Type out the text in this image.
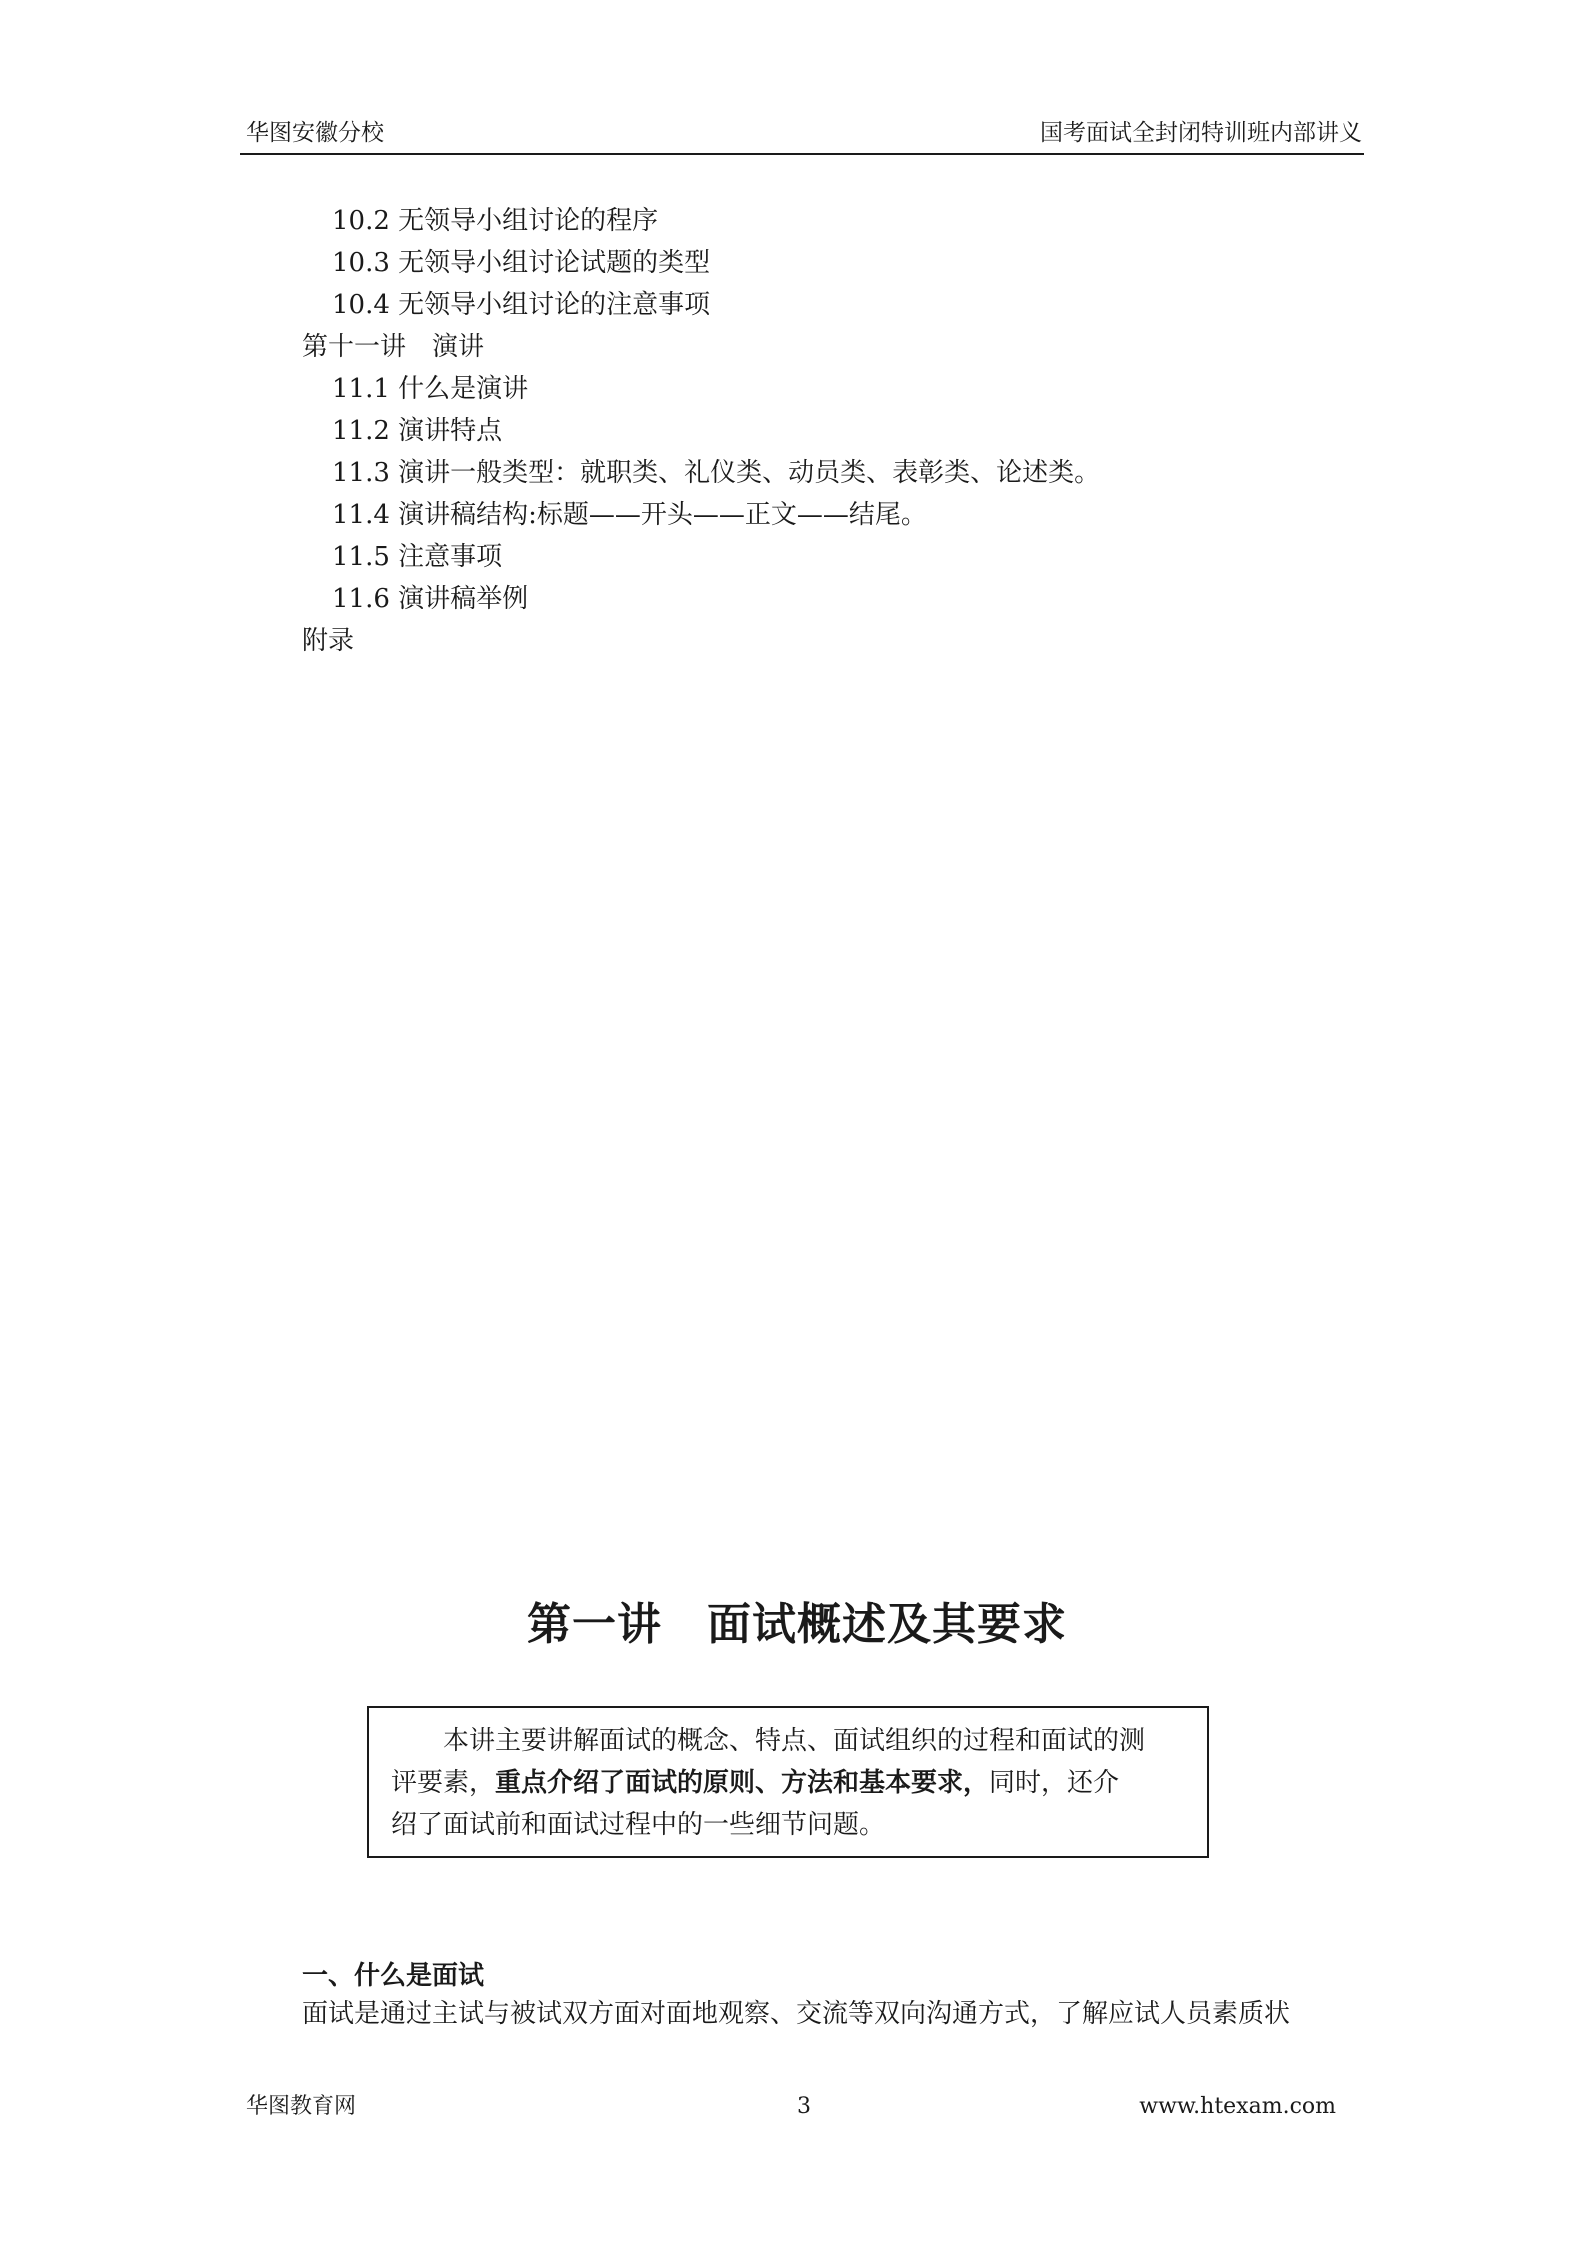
华图安徽分校	国考面试全封闭特训班内部讲义
10.2 无领导小组讨论的程序
10.3 无领导小组讨论试题的类型
10.4 无领导小组讨论的注意事项
第十一讲　演讲
11.1 什么是演讲
11.2 演讲特点
11.3 演讲一般类型：就职类、礼仪类、动员类、表彰类、论述类。
11.4 演讲稿结构:标题——开头——正文——结尾。
11.5 注意事项
11.6 演讲稿举例
附录
第一讲　面试概述及其要求
本讲主要讲解面试的概念、特点、面试组织的过程和面试的测
评要素，重点介绍了面试的原则、方法和基本要求，同时，还介
绍了面试前和面试过程中的一些细节问题。
一、什么是面试
面试是通过主试与被试双方面对面地观察、交流等双向沟通方式，了解应试人员素质状
华图教育网	3	www.htexam.com
